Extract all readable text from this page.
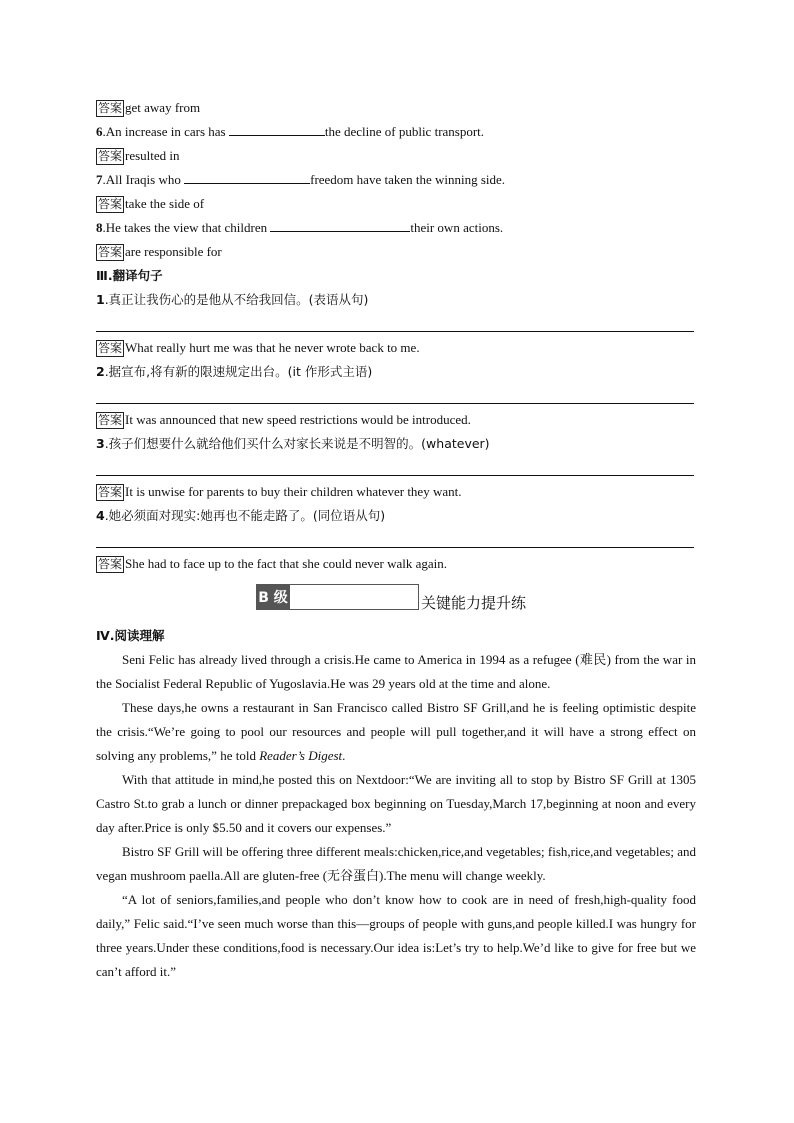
答案 get away from
6.An increase in cars has	the decline of public transport.
答案 resulted in
7.All Iraqis who	freedom have taken the winning side.
答案 take the side of
8.He takes the view that children	their own actions.
答案 are responsible for
Ⅲ.翻译句子
1.真正让我伤心的是他从不给我回信。(表语从句)
答案 What really hurt me was that he never wrote back to me.
2.据宣布,将有新的限速规定出台。(it 作形式主语)
答案 It was announced that new speed restrictions would be introduced.
3.孩子们想要什么就给他们买什么对家长来说是不明智的。(whatever)
答案 It is unwise for parents to buy their children whatever they want.
4.她必须面对现实:她再也不能走路了。(同位语从句)
答案 She had to face up to the fact that she could never walk again.
B 级	关键能力提升练
Ⅳ.阅读理解

Seni Felic has already lived through a crisis.He came to America in 1994 as a refugee (难民) from the war in the Socialist Federal Republic of Yugoslavia.He was 29 years old at the time and alone.

These days,he owns a restaurant in San Francisco called Bistro SF Grill,and he is feeling optimistic despite the crisis.“We’re going to pool our resources and people will pull together,and it will have a strong effect on solving any problems,” he told Reader’s Digest.

With that attitude in mind,he posted this on Nextdoor:“We are inviting all to stop by Bistro SF Grill at 1305 Castro St.to grab a lunch or dinner prepackaged box beginning on Tuesday,March 17,beginning at noon and every day after.Price is only $5.50 and it covers our expenses.”

Bistro SF Grill will be offering three different meals:chicken,rice,and vegetables; fish,rice,and vegetables; and vegan mushroom paella.All are gluten-free (无谷蛋白).The menu will change weekly.

“A lot of seniors,families,and people who don’t know how to cook are in need of fresh,high-quality food daily,” Felic said.“I’ve seen much worse than this—groups of people with guns,and people killed.I was hungry for three years.Under these conditions,food is necessary.Our idea is:Let’s try to help.We’d like to give for free but we can’t afford it.”
